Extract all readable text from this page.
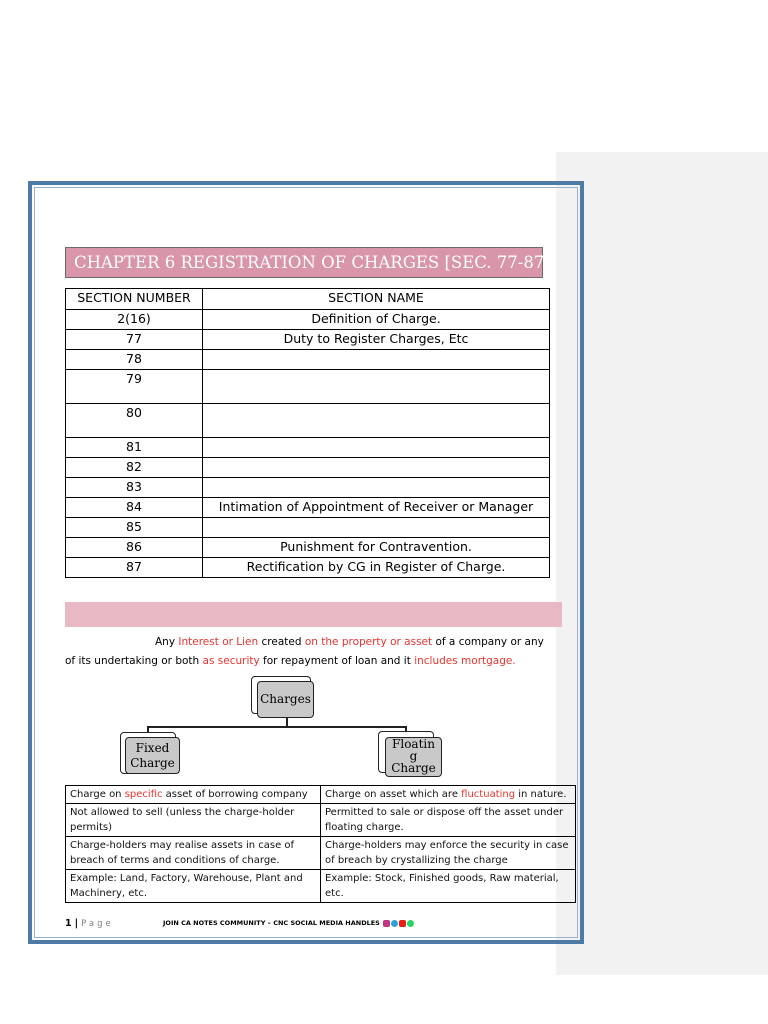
CHAPTER 6 REGISTRATION OF CHARGES [SEC. 77-87]
SECTION NUMBER	SECTION NAME
2(16)	Definition of Charge.
77	Duty to Register Charges, Etc
78	
79	
80	
81	
82	
83	
84	Intimation of Appointment of Receiver or Manager
85	
86	Punishment for Contravention.
87	Rectification by CG in Register of Charge.
Any Interest or Lien created on the property or asset of a company or any
of its undertaking or both as security for repayment of loan and it includes mortgage.
Charges
Fixed
Charge
Floatin
g
Charge
Charge on specific asset of borrowing company	Charge on asset which are fluctuating in nature.
Not allowed to sell (unless the charge-holder permits)	Permitted to sale or dispose off the asset under floating charge.
Charge-holders may realise assets in case of breach of terms and conditions of charge.	Charge-holders may enforce the security in case of breach by crystallizing the charge
Example: Land, Factory, Warehouse, Plant and Machinery, etc.	Example: Stock, Finished goods, Raw material, etc.
1 | Page	JOIN CA NOTES COMMUNITY – CNC SOCIAL MEDIA HANDLES
